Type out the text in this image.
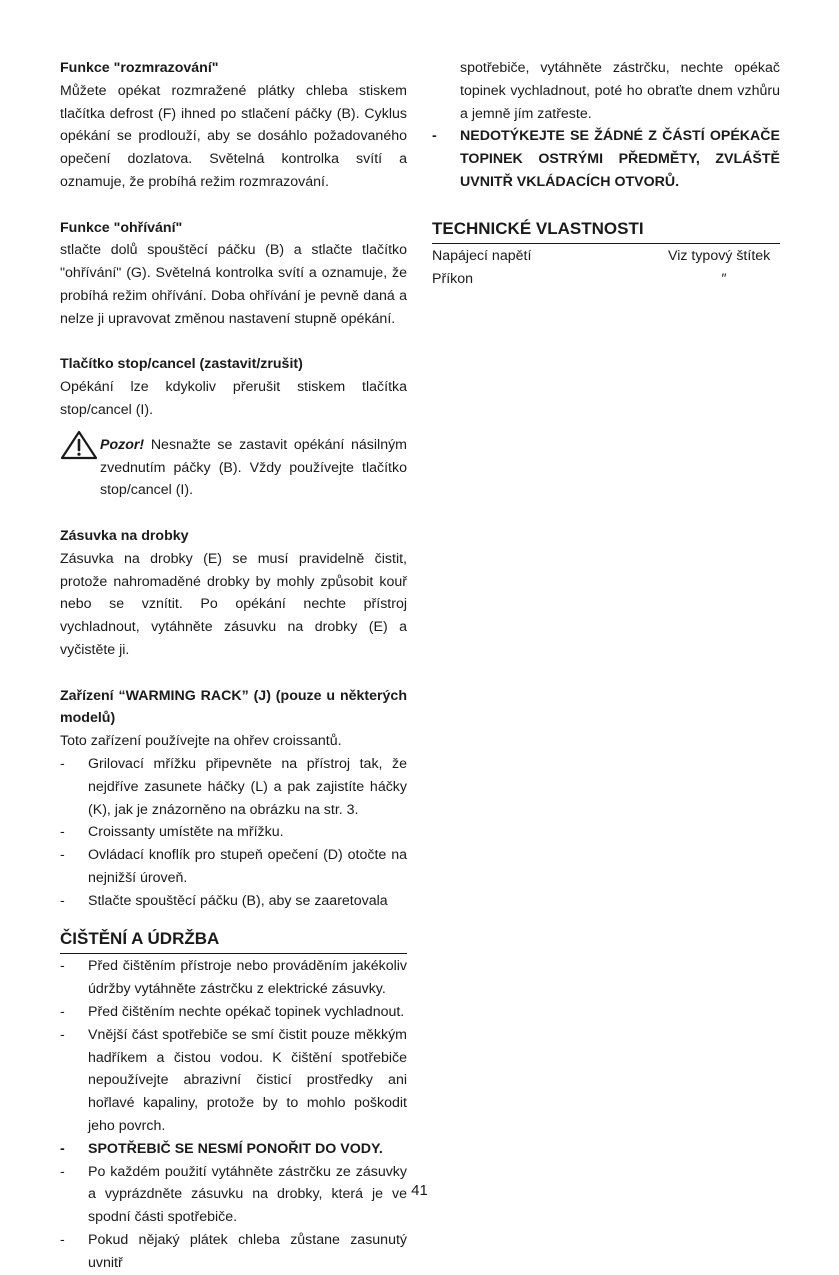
Funkce "rozmrazování"

Můžete opékat rozmražené plátky chleba stiskem tlačítka defrost (F) ihned po stlačení páčky (B). Cyklus opékání se prodlouží, aby se dosáhlo požadovaného opečení dozlatova. Světelná kontrolka svítí a oznamuje, že probíhá režim rozmrazování.

Funkce "ohřívání"

stlačte dolů spouštěcí páčku (B) a stlačte tlačítko "ohřívání" (G). Světelná kontrolka svítí a oznamuje, že probíhá režim ohřívání. Doba ohřívání je pevně daná a nelze ji upravovat změnou nastavení stupně opékání.

Tlačítko stop/cancel (zastavit/zrušit)

Opékání lze kdykoliv přerušit stiskem tlačítka stop/cancel (I).

Pozor! Nesnažte se zastavit opékání násilným zvednutím páčky (B). Vždy používejte tlačítko stop/cancel (I).

Zásuvka na drobky

Zásuvka na drobky (E) se musí pravidelně čistit, protože nahromaděné drobky by mohly způsobit kouř nebo se vznítit. Po opékání nechte přístroj vychladnout, vytáhněte zásuvku na drobky (E) a vyčistěte ji.

Zařízení “WARMING RACK” (J) (pouze u některých modelů)

Toto zařízení používejte na ohřev croissantů.

- Grilovací mřížku připevněte na přístroj tak, že nejdříve zasunete háčky (L) a pak zajistíte háčky (K), jak je znázorněno na obrázku na str. 3.
- Croissanty umístěte na mřížku.
- Ovládací knoflík pro stupeň opečení (D) otočte na nejnižší úroveň.
- Stlačte spouštěcí páčku (B), aby se zaaretovala

ČIŠTĚNÍ A ÚDRŽBA

- Před čištěním přístroje nebo prováděním jakékoliv údržby vytáhněte zástrčku z elektrické zásuvky.
- Před čištěním nechte opékač topinek vychladnout.
- Vnější část spotřebiče se smí čistit pouze měkkým hadříkem a čistou vodou. K čištění spotřebiče nepoužívejte abrazivní čisticí prostředky ani hořlavé kapaliny, protože by to mohlo poškodit jeho povrch.
- SPOTŘEBIČ SE NESMÍ PONOŘIT DO VODY.
- Po každém použití vytáhněte zástrčku ze zásuvky a vyprázdněte zásuvku na drobky, která je ve spodní části spotřebiče.
- Pokud nějaký plátek chleba zůstane zasunutý uvnitř
spotřebiče, vytáhněte zástrčku, nechte opékač topinek vychladnout, poté ho obraťte dnem vzhůru a jemně jím zatřeste.
- NEDOTÝKEJTE SE ŽÁDNÉ Z ČÁSTÍ OPÉKAČE TOPINEK OSTRÝMI PŘEDMĚTY, ZVLÁŠTĚ UVNITŘ VKLÁDACÍCH OTVORŮ.

TECHNICKÉ VLASTNOSTI

Napájecí napětí	Viz typový štítek
Příkon	″
41
